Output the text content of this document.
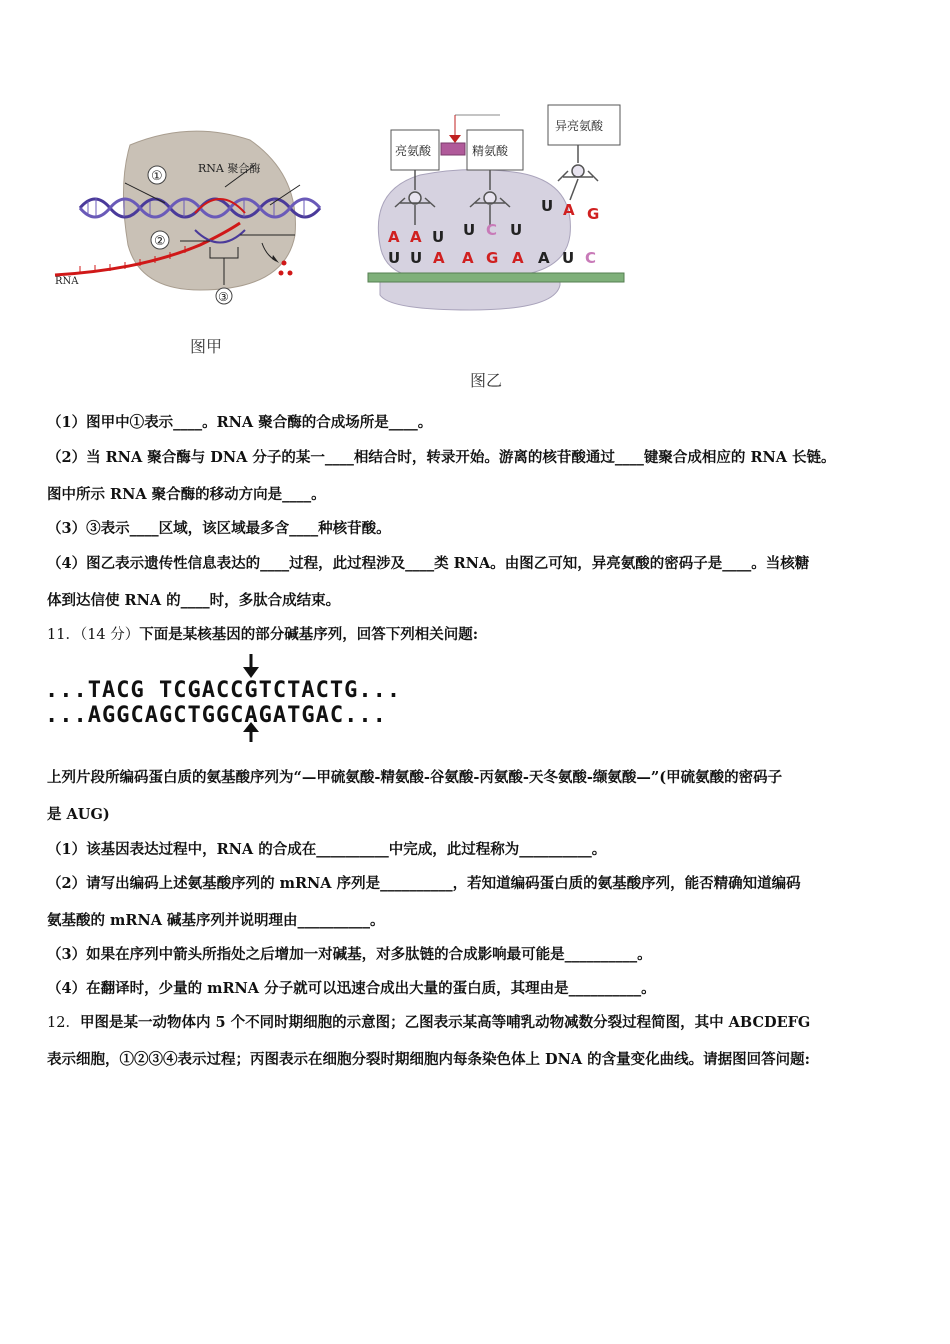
①
②
③
RNA 聚合酶
RNA
亮氨酸	精氨酸
异亮氨酸
A A U U C U
U A G
U U A A G A A U C
图甲
图乙
（1）图甲中①表示____。RNA 聚合酶的合成场所是____。
（2）当 RNA 聚合酶与 DNA 分子的某一____相结合时，转录开始。游离的核苷酸通过____键聚合成相应的 RNA 长链。
图中所示 RNA 聚合酶的移动方向是____。
（3）③表示____区域，该区域最多含____种核苷酸。
（4）图乙表示遗传性信息表达的____过程，此过程涉及____类 RNA。由图乙可知，异亮氨酸的密码子是____。当核糖
体到达信使 RNA 的____时，多肽合成结束。
11．（14 分）下面是某核基因的部分碱基序列，回答下列相关问题:
...TACG TCGACCGTCTACTG...
...AGGCAGCTGGCAGATGAC...
上列片段所编码蛋白质的氨基酸序列为“—甲硫氨酸-精氨酸-谷氨酸-丙氨酸-天冬氨酸-缬氨酸—”(甲硫氨酸的密码子
是 AUG)
（1）该基因表达过程中，RNA 的合成在__________中完成，此过程称为__________。
（2）请写出编码上述氨基酸序列的 mRNA 序列是__________，若知道编码蛋白质的氨基酸序列，能否精确知道编码
氨基酸的 mRNA 碱基序列并说明理由__________。
（3）如果在序列中箭头所指处之后增加一对碱基，对多肽链的合成影响最可能是__________。
（4）在翻译时，少量的 mRNA 分子就可以迅速合成出大量的蛋白质，其理由是__________。
12．甲图是某一动物体内 5 个不同时期细胞的示意图；乙图表示某高等哺乳动物减数分裂过程简图，其中 ABCDEFG
表示细胞，①②③④表示过程；丙图表示在细胞分裂时期细胞内每条染色体上 DNA 的含量变化曲线。请据图回答问题:
